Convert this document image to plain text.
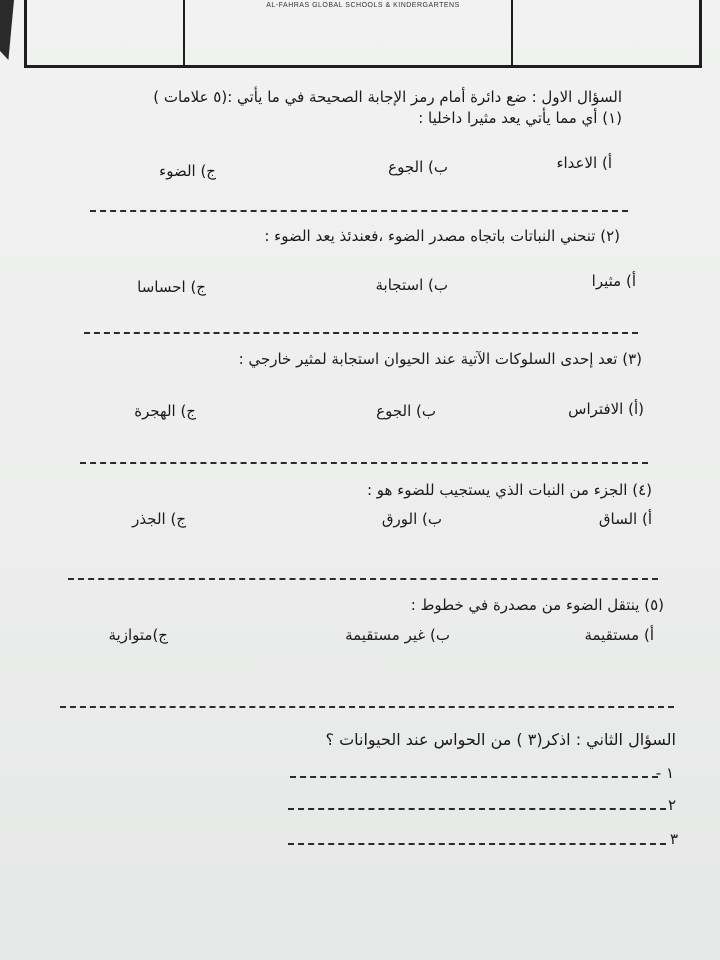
AL-FAHRAS GLOBAL SCHOOLS & KINDERGARTENS
السؤال الاول : ضع دائرة أمام رمز الإجابة الصحيحة في ما يأتي :(٥ علامات )
(١) أي مما يأتي يعد مثيرا داخليا :
أ) الاعداء
ب) الجوع
ج) الضوء
(٢) تنحني النباتات باتجاه مصدر الضوء ،فعندئذ يعد الضوء :
أ) مثيرا
ب) استجابة
ج) احساسا
(٣) تعد إحدى السلوكات الآتية عند الحيوان استجابة لمثير خارجي :
(أ) الافتراس
ب) الجوع
ج) الهجرة
(٤) الجزء من النبات الذي يستجيب للضوء هو :
أ) الساق
ب) الورق
ج) الجذر
(٥) ينتقل الضوء من مصدرة في خطوط :
أ) مستقيمة
ب) غير مستقيمة
ج)متوازية
السؤال الثاني : اذكر(٣ ) من الحواس عند الحيوانات ؟
١ -
٢
٣
